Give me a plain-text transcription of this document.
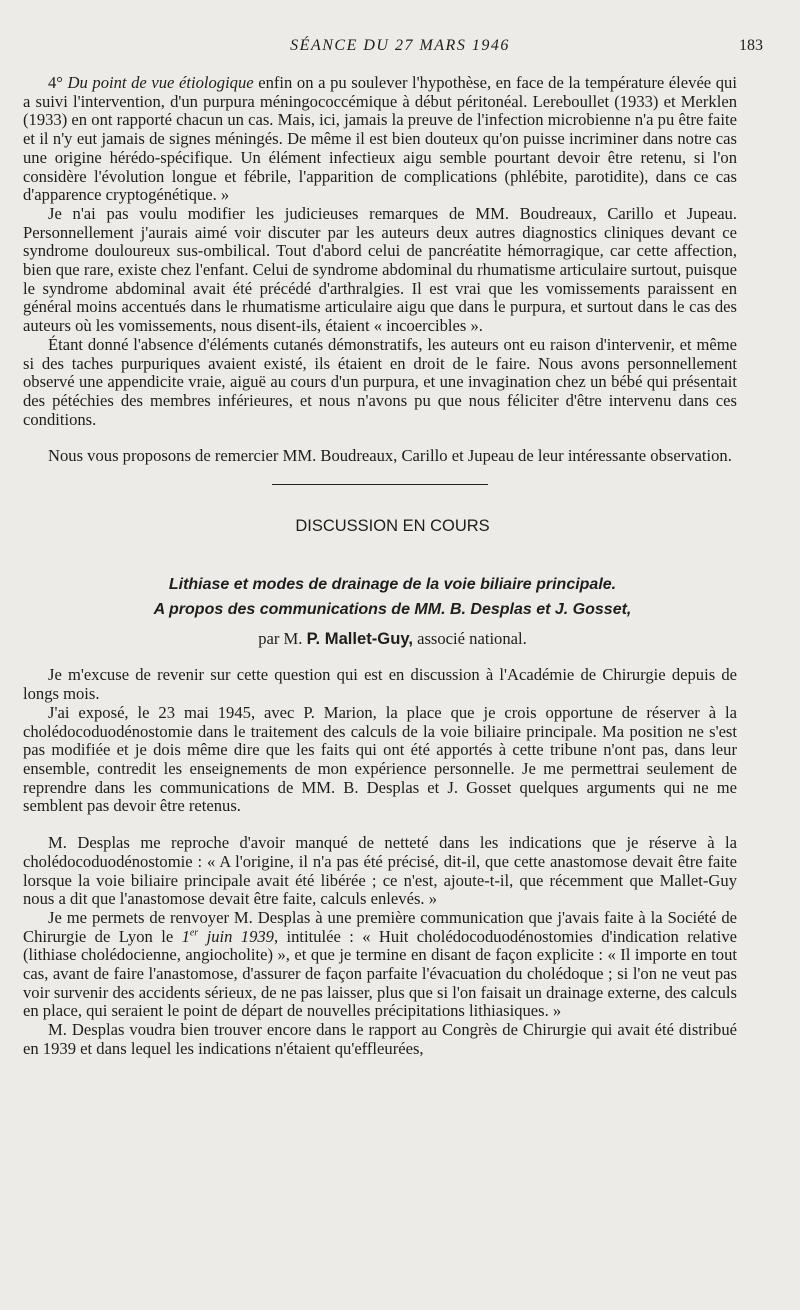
SÉANCE DU 27 MARS 1946	183

4° Du point de vue étiologique enfin on a pu soulever l'hypothèse, en face de la température élevée qui a suivi l'intervention, d'un purpura méningococcémique à début péritonéal. Lereboullet (1933) et Merklen (1933) en ont rapporté chacun un cas. Mais, ici, jamais la preuve de l'infection microbienne n'a pu être faite et il n'y eut jamais de signes méningés. De même il est bien douteux qu'on puisse incriminer dans notre cas une origine hérédo-spécifique. Un élément infectieux aigu semble pourtant devoir être retenu, si l'on considère l'évolution longue et fébrile, l'apparition de complications (phlébite, parotidite), dans ce cas d'apparence cryptogénétique. »

Je n'ai pas voulu modifier les judicieuses remarques de MM. Boudreaux, Carillo et Jupeau. Personnellement j'aurais aimé voir discuter par les auteurs deux autres diagnostics cliniques devant ce syndrome douloureux sus-ombilical. Tout d'abord celui de pancréatite hémorragique, car cette affection, bien que rare, existe chez l'enfant. Celui de syndrome abdominal du rhumatisme articulaire surtout, puisque le syndrome abdominal avait été précédé d'arthralgies. Il est vrai que les vomissements paraissent en général moins accentués dans le rhumatisme articulaire aigu que dans le purpura, et surtout dans le cas des auteurs où les vomissements, nous disent-ils, étaient « incoercibles ».

Étant donné l'absence d'éléments cutanés démonstratifs, les auteurs ont eu raison d'intervenir, et même si des taches purpuriques avaient existé, ils étaient en droit de le faire. Nous avons personnellement observé une appendicite vraie, aiguë au cours d'un purpura, et une invagination chez un bébé qui présentait des pétéchies des membres inférieures, et nous n'avons pu que nous féliciter d'être intervenu dans ces conditions.

Nous vous proposons de remercier MM. Boudreaux, Carillo et Jupeau de leur intéressante observation.

DISCUSSION EN COURS

Lithiase et modes de drainage de la voie biliaire principale.

A propos des communications de MM. B. Desplas et J. Gosset,

par M. P. Mallet-Guy, associé national.

Je m'excuse de revenir sur cette question qui est en discussion à l'Académie de Chirurgie depuis de longs mois.

J'ai exposé, le 23 mai 1945, avec P. Marion, la place que je crois opportune de réserver à la cholédocoduodénostomie dans le traitement des calculs de la voie biliaire principale. Ma position ne s'est pas modifiée et je dois même dire que les faits qui ont été apportés à cette tribune n'ont pas, dans leur ensemble, contredit les enseignements de mon expérience personnelle. Je me permettrai seulement de reprendre dans les communications de MM. B. Desplas et J. Gosset quelques arguments qui ne me semblent pas devoir être retenus.

M. Desplas me reproche d'avoir manqué de netteté dans les indications que je réserve à la cholédocoduodénostomie : « A l'origine, il n'a pas été précisé, dit-il, que cette anastomose devait être faite lorsque la voie biliaire principale avait été libérée ; ce n'est, ajoute-t-il, que récemment que Mallet-Guy nous a dit que l'anastomose devait être faite, calculs enlevés. »

Je me permets de renvoyer M. Desplas à une première communication que j'avais faite à la Société de Chirurgie de Lyon le 1er juin 1939, intitulée : « Huit cholédocoduodénostomies d'indication relative (lithiase cholédocienne, angiocholite) », et que je termine en disant de façon explicite : « Il importe en tout cas, avant de faire l'anastomose, d'assurer de façon parfaite l'évacuation du cholédoque ; si l'on ne veut pas voir survenir des accidents sérieux, de ne pas laisser, plus que si l'on faisait un drainage externe, des calculs en place, qui seraient le point de départ de nouvelles précipitations lithiasiques. »

M. Desplas voudra bien trouver encore dans le rapport au Congrès de Chirurgie qui avait été distribué en 1939 et dans lequel les indications n'étaient qu'effleurées,
